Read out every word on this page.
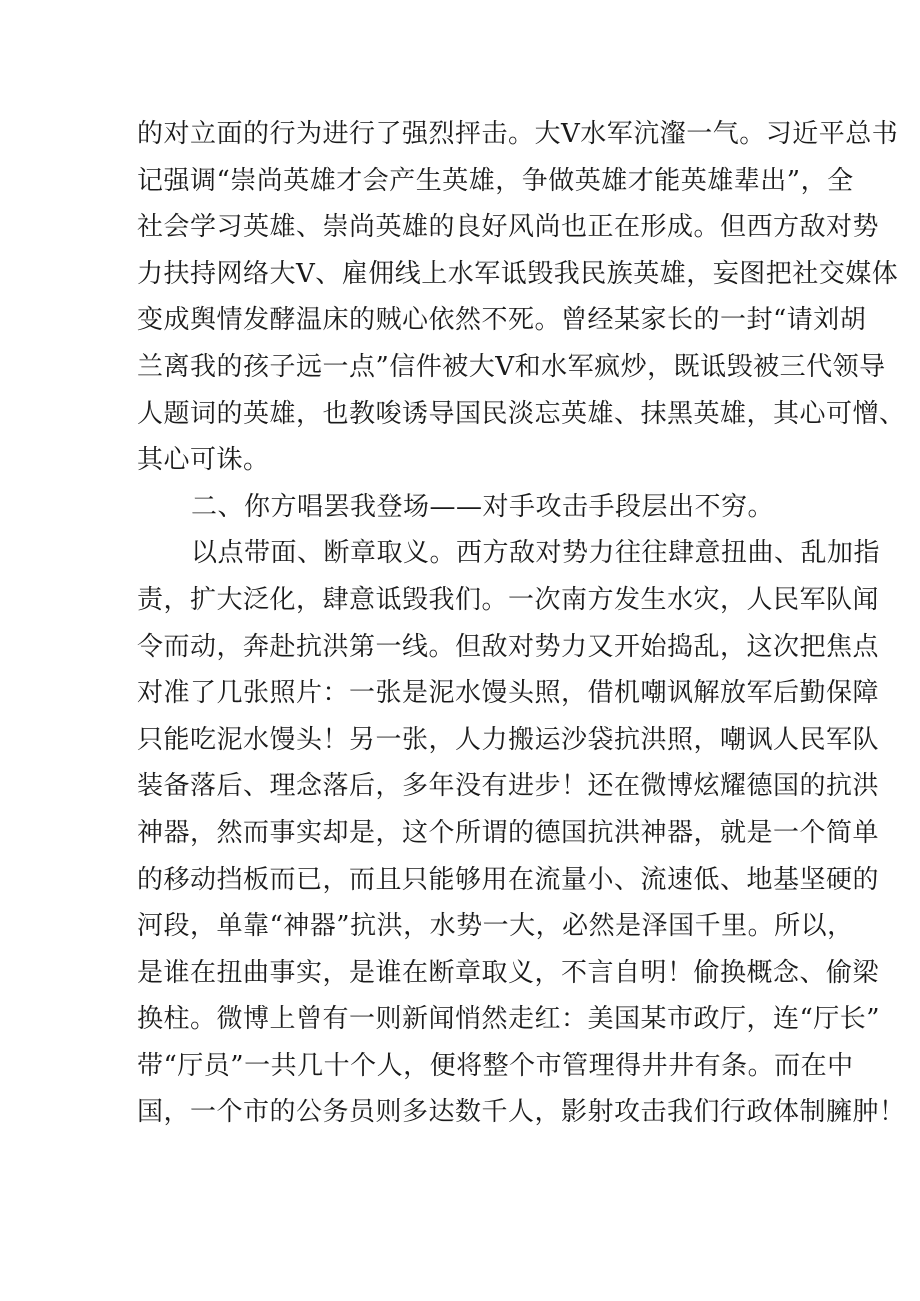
的对立面的行为进行了强烈抨击。大V水军沆瀣一气。习近平总书
记强调“崇尚英雄才会产生英雄，争做英雄才能英雄辈出”，全
社会学习英雄、崇尚英雄的良好风尚也正在形成。但西方敌对势
力扶持网络大V、雇佣线上水军诋毁我民族英雄，妄图把社交媒体
变成舆情发酵温床的贼心依然不死。曾经某家长的一封“请刘胡
兰离我的孩子远一点”信件被大V和水军疯炒，既诋毁被三代领导
人题词的英雄，也教唆诱导国民淡忘英雄、抹黑英雄，其心可憎、
其心可诛。
二、你方唱罢我登场——对手攻击手段层出不穷。
以点带面、断章取义。西方敌对势力往往肆意扭曲、乱加指
责，扩大泛化，肆意诋毁我们。一次南方发生水灾，人民军队闻
令而动，奔赴抗洪第一线。但敌对势力又开始捣乱，这次把焦点
对准了几张照片：一张是泥水馒头照，借机嘲讽解放军后勤保障
只能吃泥水馒头！另一张，人力搬运沙袋抗洪照，嘲讽人民军队
装备落后、理念落后，多年没有进步！还在微博炫耀德国的抗洪
神器，然而事实却是，这个所谓的德国抗洪神器，就是一个简单
的移动挡板而已，而且只能够用在流量小、流速低、地基坚硬的
河段，单靠“神器”抗洪，水势一大，必然是泽国千里。所以，
是谁在扭曲事实，是谁在断章取义，不言自明！偷换概念、偷梁
换柱。微博上曾有一则新闻悄然走红：美国某市政厅，连“厅长”
带“厅员”一共几十个人，便将整个市管理得井井有条。而在中
国，一个市的公务员则多达数千人，影射攻击我们行政体制臃肿！
